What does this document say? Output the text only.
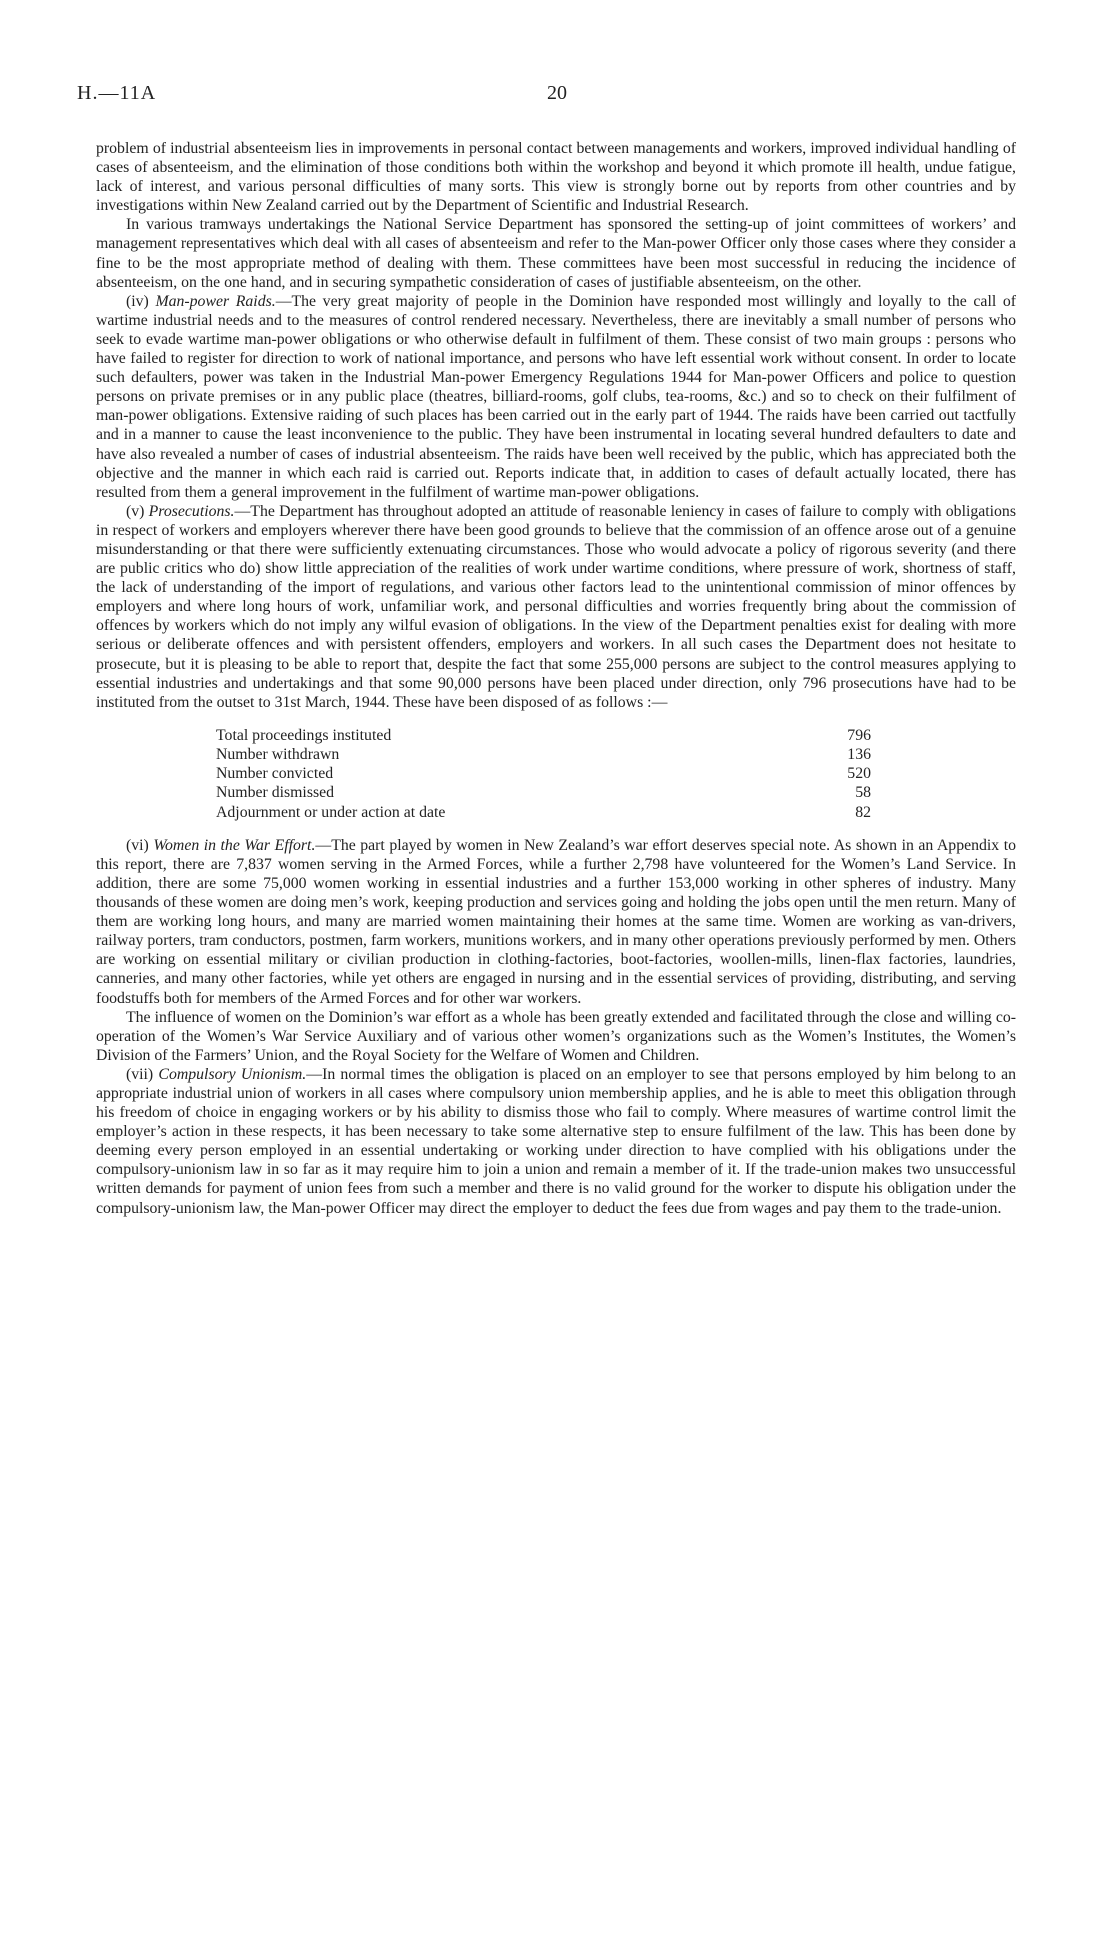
H.—11A	20

problem of industrial absenteeism lies in improvements in personal contact between managements and workers, improved individual handling of cases of absenteeism, and the elimination of those conditions both within the workshop and beyond it which promote ill health, undue fatigue, lack of interest, and various personal difficulties of many sorts. This view is strongly borne out by reports from other countries and by investigations within New Zealand carried out by the Department of Scientific and Industrial Research.

In various tramways undertakings the National Service Department has sponsored the setting-up of joint committees of workers’ and management representatives which deal with all cases of absenteeism and refer to the Man-power Officer only those cases where they consider a fine to be the most appropriate method of dealing with them. These committees have been most successful in reducing the incidence of absenteeism, on the one hand, and in securing sympathetic consideration of cases of justifiable absenteeism, on the other.

(iv) Man-power Raids.—The very great majority of people in the Dominion have responded most willingly and loyally to the call of wartime industrial needs and to the measures of control rendered necessary. Nevertheless, there are inevitably a small number of persons who seek to evade wartime man-power obligations or who otherwise default in fulfilment of them. These consist of two main groups : persons who have failed to register for direction to work of national importance, and persons who have left essential work without consent. In order to locate such defaulters, power was taken in the Industrial Man-power Emergency Regulations 1944 for Man-power Officers and police to question persons on private premises or in any public place (theatres, billiard-rooms, golf clubs, tea-rooms, &c.) and so to check on their fulfilment of man-power obligations. Extensive raiding of such places has been carried out in the early part of 1944. The raids have been carried out tactfully and in a manner to cause the least inconvenience to the public. They have been instrumental in locating several hundred defaulters to date and have also revealed a number of cases of industrial absenteeism. The raids have been well received by the public, which has appreciated both the objective and the manner in which each raid is carried out. Reports indicate that, in addition to cases of default actually located, there has resulted from them a general improvement in the fulfilment of wartime man-power obligations.

(v) Prosecutions.—The Department has throughout adopted an attitude of reasonable leniency in cases of failure to comply with obligations in respect of workers and employers wherever there have been good grounds to believe that the commission of an offence arose out of a genuine misunderstanding or that there were sufficiently extenuating circumstances. Those who would advocate a policy of rigorous severity (and there are public critics who do) show little appreciation of the realities of work under wartime conditions, where pressure of work, shortness of staff, the lack of understanding of the import of regulations, and various other factors lead to the unintentional commission of minor offences by employers and where long hours of work, unfamiliar work, and personal difficulties and worries frequently bring about the commission of offences by workers which do not imply any wilful evasion of obligations. In the view of the Department penalties exist for dealing with more serious or deliberate offences and with persistent offenders, employers and workers. In all such cases the Department does not hesitate to prosecute, but it is pleasing to be able to report that, despite the fact that some 255,000 persons are subject to the control measures applying to essential industries and undertakings and that some 90,000 persons have been placed under direction, only 796 prosecutions have had to be instituted from the outset to 31st March, 1944. These have been disposed of as follows :—

Total proceedings instituted	796
Number withdrawn	136
Number convicted	520
Number dismissed	58
Adjournment or under action at date	82

(vi) Women in the War Effort.—The part played by women in New Zealand’s war effort deserves special note. As shown in an Appendix to this report, there are 7,837 women serving in the Armed Forces, while a further 2,798 have volunteered for the Women’s Land Service. In addition, there are some 75,000 women working in essential industries and a further 153,000 working in other spheres of industry. Many thousands of these women are doing men’s work, keeping production and services going and holding the jobs open until the men return. Many of them are working long hours, and many are married women maintaining their homes at the same time. Women are working as van-drivers, railway porters, tram conductors, postmen, farm workers, munitions workers, and in many other operations previously performed by men. Others are working on essential military or civilian production in clothing-factories, boot-factories, woollen-mills, linen-flax factories, laundries, canneries, and many other factories, while yet others are engaged in nursing and in the essential services of providing, distributing, and serving foodstuffs both for members of the Armed Forces and for other war workers.

The influence of women on the Dominion’s war effort as a whole has been greatly extended and facilitated through the close and willing co-operation of the Women’s War Service Auxiliary and of various other women’s organizations such as the Women’s Institutes, the Women’s Division of the Farmers’ Union, and the Royal Society for the Welfare of Women and Children.

(vii) Compulsory Unionism.—In normal times the obligation is placed on an employer to see that persons employed by him belong to an appropriate industrial union of workers in all cases where compulsory union membership applies, and he is able to meet this obligation through his freedom of choice in engaging workers or by his ability to dismiss those who fail to comply. Where measures of wartime control limit the employer’s action in these respects, it has been necessary to take some alternative step to ensure fulfilment of the law. This has been done by deeming every person employed in an essential undertaking or working under direction to have complied with his obligations under the compulsory-unionism law in so far as it may require him to join a union and remain a member of it. If the trade-union makes two unsuccessful written demands for payment of union fees from such a member and there is no valid ground for the worker to dispute his obligation under the compulsory-unionism law, the Man-power Officer may direct the employer to deduct the fees due from wages and pay them to the trade-union.
